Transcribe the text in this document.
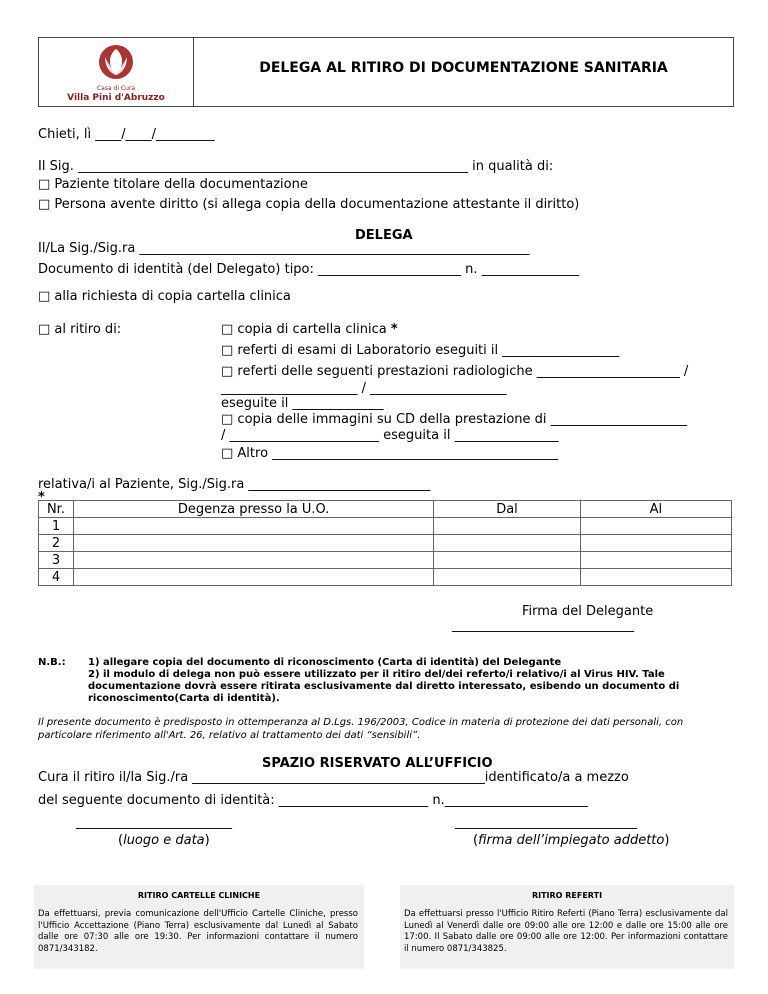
Casa di Cura
Villa Pini d'Abruzzo
DELEGA AL RITIRO DI DOCUMENTAZIONE SANITARIA
Chieti, lì ____/____/_________
Il Sig. ____________________________________________________________ in qualità di:
□ Paziente titolare della documentazione
□ Persona avente diritto (si allega copia della documentazione attestante il diritto)
DELEGA
Il/La Sig./Sig.ra ____________________________________________________________
Documento di identità (del Delegato) tipo: ______________________ n. _______________
□ alla richiesta di copia cartella clinica
□ al ritiro di:	□ copia di cartella clinica *
□ referti di esami di Laboratorio eseguiti il __________________
□ referti delle seguenti prestazioni radiologiche ______________________ /
_____________________ / _____________________
eseguite il ______________
□ copia delle immagini su CD della prestazione di _____________________
/ _______________________ eseguita il ________________
□ Altro ____________________________________________
relativa/i al Paziente, Sig./Sig.ra ____________________________
*
Nr.	Degenza presso la U.O.	Dal	Al
1			
2			
3			
4			
Firma del Delegante
____________________________
N.B.: 1) allegare copia del documento di riconoscimento (Carta di identità) del Delegante
2) il modulo di delega non può essere utilizzato per il ritiro del/dei referto/i relativo/i al Virus HIV. Tale documentazione dovrà essere ritirata esclusivamente dal diretto interessato, esibendo un documento di riconoscimento(Carta di identità).
Il presente documento è predisposto in ottemperanza al D.Lgs. 196/2003, Codice in materia di protezione dei dati personali, con particolare riferimento all'Art. 26, relativo al trattamento dei dati “sensibili”.
SPAZIO RISERVATO ALL’UFFICIO
Cura il ritiro il/la Sig./ra _____________________________________________identificato/a a mezzo
del seguente documento di identità: _______________________ n.______________________
________________________
(luogo e data)
____________________________
(firma dell’impiegato addetto)
RITIRO CARTELLE CLINICHE
Da effettuarsi, previa comunicazione dell'Ufficio Cartelle Cliniche, presso l'Ufficio Accettazione (Piano Terra) esclusivamente dal Lunedì al Sabato dalle ore 07:30 alle ore 19:30. Per informazioni contattare il numero 0871/343182.
RITIRO REFERTI
Da effettuarsi presso l'Ufficio Ritiro Referti (Piano Terra) esclusivamente dal Lunedì al Venerdì dalle ore 09:00 alle ore 12:00 e dalle ore 15:00 alle ore 17:00. Il Sabato dalle ore 09:00 alle ore 12:00. Per informazioni contattare il numero 0871/343825.
